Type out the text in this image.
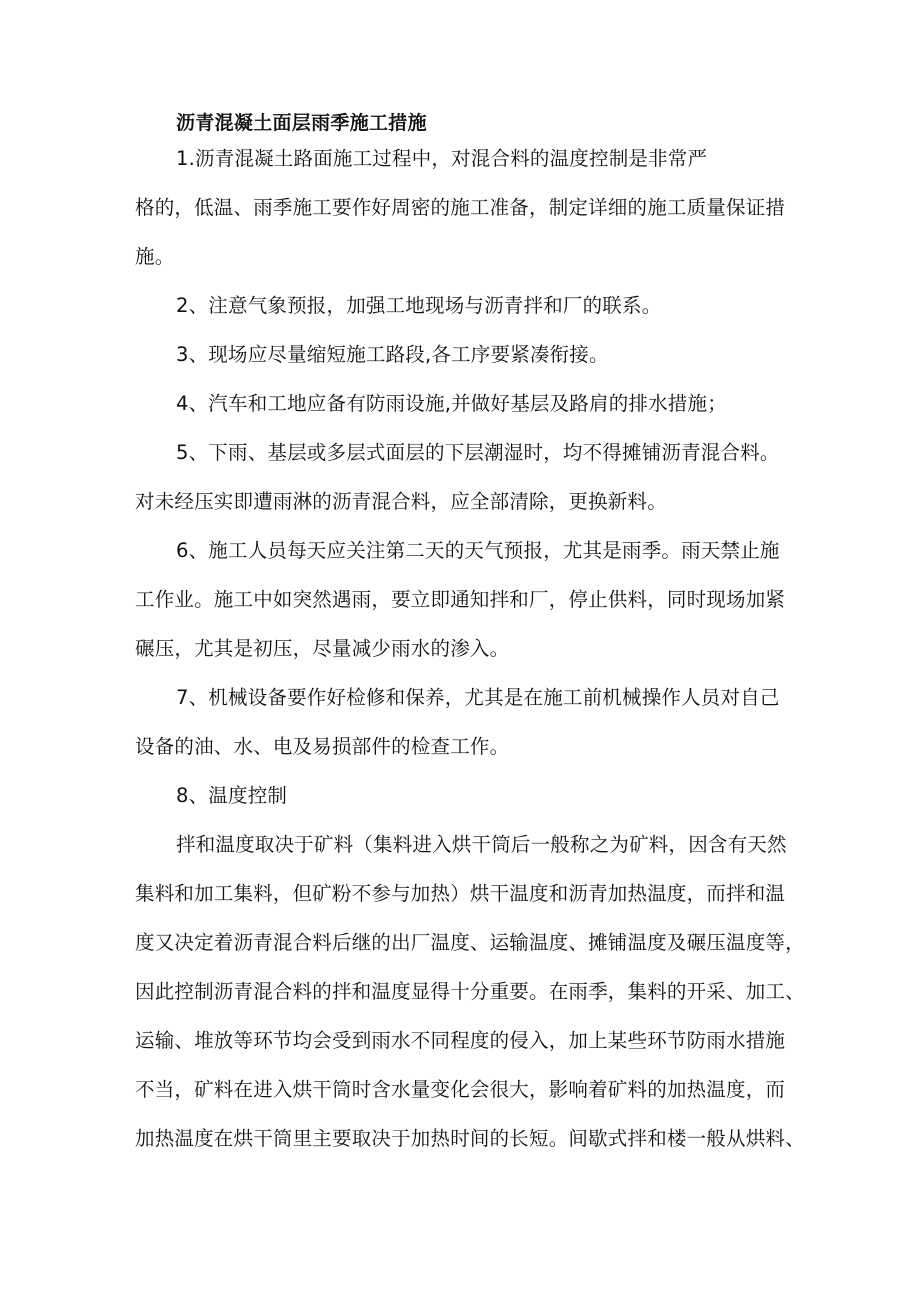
沥青混凝土面层雨季施工措施
1.沥青混凝土路面施工过程中，对混合料的温度控制是非常严
格的，低温、雨季施工要作好周密的施工准备，制定详细的施工质量保证措
施。
2、注意气象预报，加强工地现场与沥青拌和厂的联系。
3、现场应尽量缩短施工路段,各工序要紧凑衔接。
4、汽车和工地应备有防雨设施,并做好基层及路肩的排水措施；
5、下雨、基层或多层式面层的下层潮湿时，均不得摊铺沥青混合料。
对未经压实即遭雨淋的沥青混合料，应全部清除，更换新料。
6、施工人员每天应关注第二天的天气预报，尤其是雨季。雨天禁止施
工作业。施工中如突然遇雨，要立即通知拌和厂，停止供料，同时现场加紧
碾压，尤其是初压，尽量减少雨水的渗入。
7、机械设备要作好检修和保养，尤其是在施工前机械操作人员对自己
设备的油、水、电及易损部件的检查工作。
8、温度控制
拌和温度取决于矿料（集料进入烘干筒后一般称之为矿料，因含有天然
集料和加工集料，但矿粉不参与加热）烘干温度和沥青加热温度，而拌和温
度又决定着沥青混合料后继的出厂温度、运输温度、摊铺温度及碾压温度等，
因此控制沥青混合料的拌和温度显得十分重要。在雨季，集料的开采、加工、
运输、堆放等环节均会受到雨水不同程度的侵入，加上某些环节防雨水措施
不当，矿料在进入烘干筒时含水量变化会很大，影响着矿料的加热温度，而
加热温度在烘干筒里主要取决于加热时间的长短。间歇式拌和楼一般从烘料、
